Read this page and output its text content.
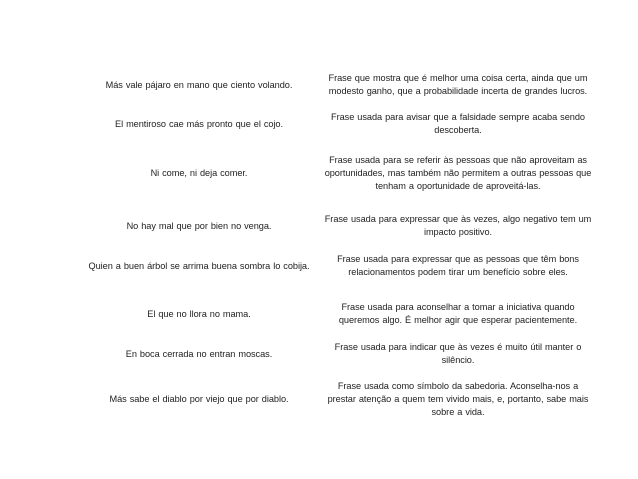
Más vale pájaro en mano que ciento volando.
Frase que mostra que é melhor uma coisa certa, ainda que um modesto ganho, que a probabilidade incerta de grandes lucros.
El mentiroso cae más pronto que el cojo.
Frase usada para avisar que a falsidade sempre acaba sendo descoberta.
Ni come, ni deja comer.
Frase usada para se referir às pessoas que não aproveitam as oportunidades, mas também não permitem a outras pessoas que tenham a oportunidade de aproveitá-las.
No hay mal que por bien no venga.
Frase usada para expressar que às vezes, algo negativo tem um impacto positivo.
Quien a buen árbol se arrima buena sombra lo cobija.
Frase usada para expressar que as pessoas que têm bons relacionamentos podem tirar um benefício sobre eles.
El que no llora no mama.
Frase usada para aconselhar a tomar a iniciativa quando queremos algo. É melhor agir que esperar pacientemente.
En boca cerrada no entran moscas.
Frase usada para indicar que às vezes é muito útil manter o silêncio.
Más sabe el diablo por viejo que por diablo.
Frase usada como símbolo da sabedoria. Aconselha-nos a prestar atenção a quem tem vivido mais, e, portanto, sabe mais sobre a vida.
